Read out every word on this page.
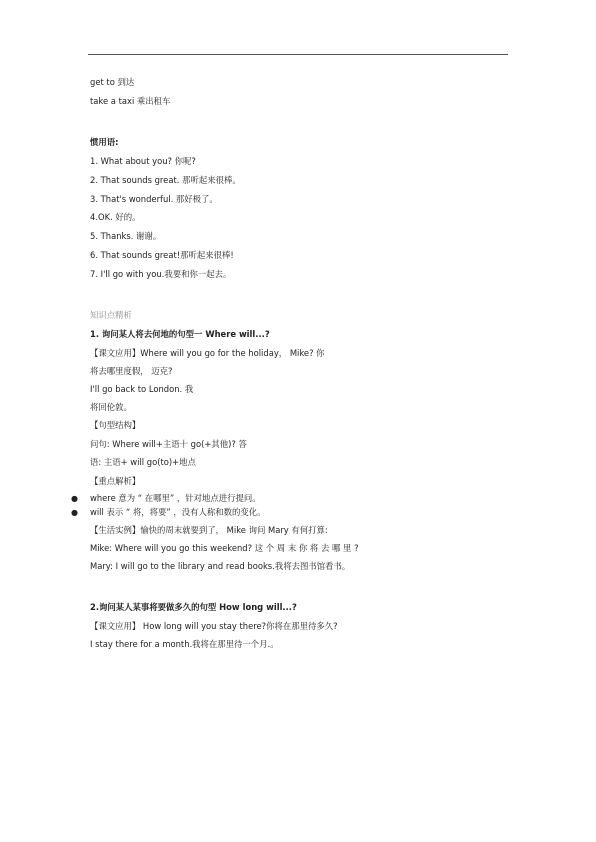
get to 到达
take a taxi 乘出租车
惯用语:
1. What about you? 你呢?
2. That sounds great. 那听起来很棒。
3. That's wonderful. 那好极了。
4.OK. 好的。
5. Thanks. 谢谢。
6. That sounds great!那听起来很棒!
7. I'll go with you.我要和你一起去。
知识点精析
1. 询问某人将去何地的句型一 Where will...?
【课文应用】Where will you go for the holiday， Mike? 你
将去哪里度假， 迈克?
I'll go back to London. 我
将回伦敦。
【句型结构】
问句: Where will+主语十 go(+其他)? 答
语: 主语+ will go(to)+地点
【重点解析】
● where 意为 “ 在哪里” ，针对地点进行提问。
● will 表示 “ 将，将要” ，没有人称和数的变化。
【生活实例】愉快的周末就要到了， Mike 询问 Mary 有何打算:
Mike: Where will you go this weekend? 这 个 周 末 你 将 去 哪 里 ?
Mary: I will go to the library and read books.我将去图书馆看书。
2.询问某人某事将要做多久的句型 How long will...?
【课文应用】 How long will you stay there?你将在那里待多久?
I stay there for a month.我将在那里待一个月.。
